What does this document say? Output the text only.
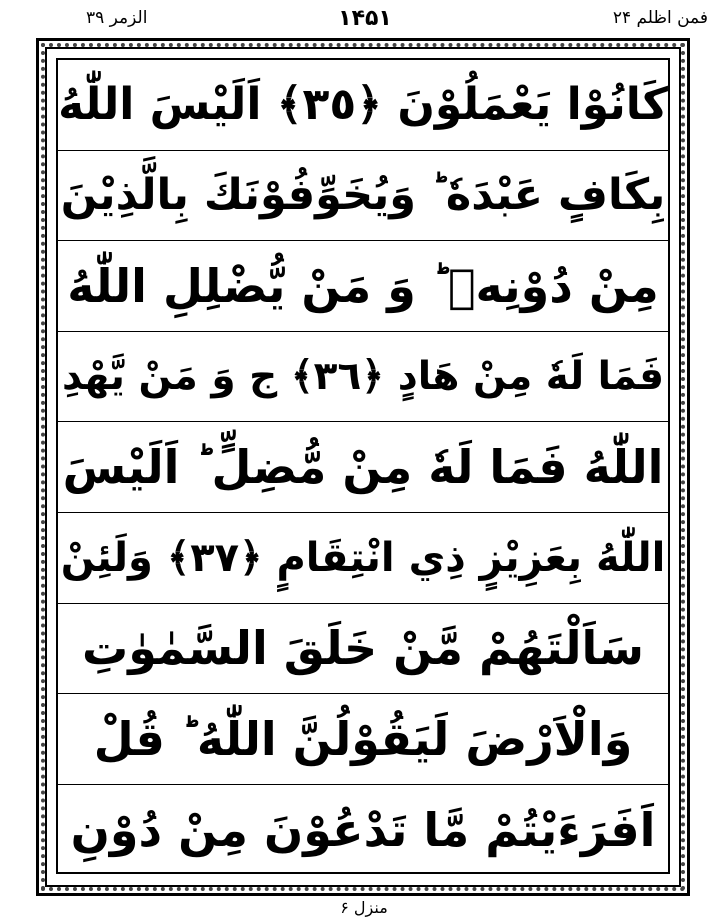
الزمر ۳۹	۱۴۵۱	فمن اظلم ۲۴
كَانُوْا يَعْمَلُوْنَ ﴿٣٥﴾ اَلَيْسَ اللّٰهُ
بِكَافٍ عَبْدَهٗ ؕ وَيُخَوِّفُوْنَكَ بِالَّذِيْنَ
مِنْ دُوْنِهٖ ؕ وَ مَنْ يُّضْلِلِ اللّٰهُ
فَمَا لَهٗ مِنْ هَادٍ ﴿٣٦﴾ ج وَ مَنْ يَّهْدِ
اللّٰهُ فَمَا لَهٗ مِنْ مُّضِلٍّ ؕ اَلَيْسَ
اللّٰهُ بِعَزِيْزٍ ذِي انْتِقَامٍ ﴿٣٧﴾ وَلَئِنْ
سَاَلْتَهُمْ مَّنْ خَلَقَ السَّمٰوٰتِ
وَالْاَرْضَ لَيَقُوْلُنَّ اللّٰهُ ؕ قُلْ
اَفَرَءَيْتُمْ مَّا تَدْعُوْنَ مِنْ دُوْنِ
منزل ۶
